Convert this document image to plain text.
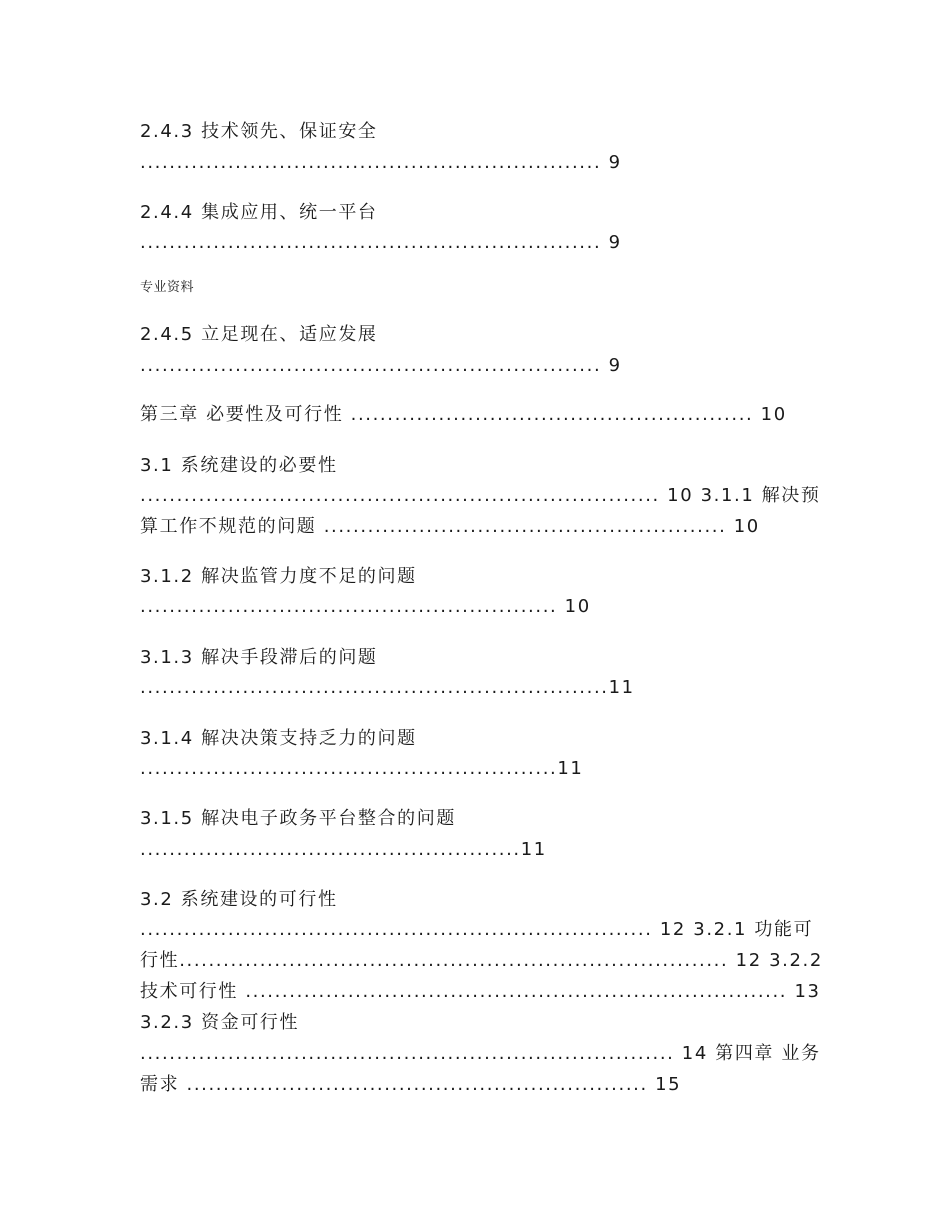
专业资料

2.4.3 技术领先、保证安全

............................................................... 9

2.4.4 集成应用、统一平台

............................................................... 9

2.4.5 立足现在、适应发展

............................................................... 9

第三章 必要性及可行性 ....................................................... 10

3.1 系统建设的必要性

....................................................................... 10 3.1.1 解决预

算工作不规范的问题 ....................................................... 10

3.1.2 解决监管力度不足的问题

......................................................... 10

3.1.3 解决手段滞后的问题

................................................................11

3.1.4 解决决策支持乏力的问题

.........................................................11

3.1.5 解决电子政务平台整合的问题

....................................................11

3.2 系统建设的可行性

...................................................................... 12 3.2.1 功能可

行性........................................................................... 12 3.2.2

技术可行性 .......................................................................... 13

3.2.3 资金可行性

......................................................................... 14 第四章 业务

需求 ............................................................... 15
